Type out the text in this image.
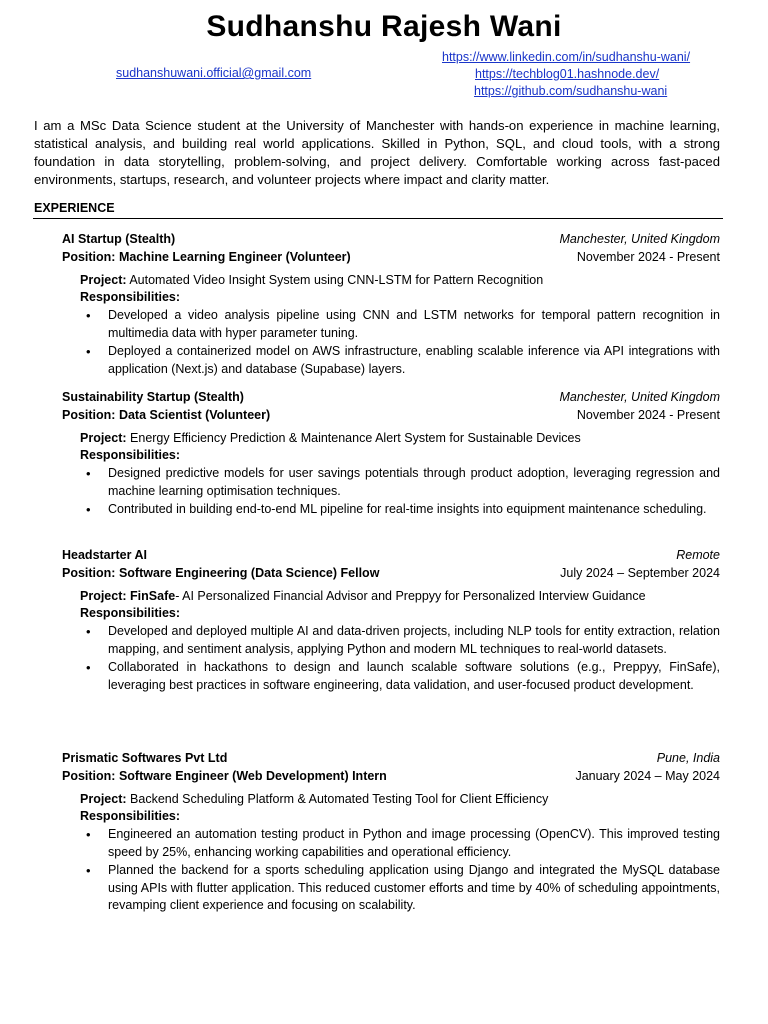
Sudhanshu Rajesh Wani
sudhanshuwani.official@gmail.com
https://www.linkedin.com/in/sudhanshu-wani/
https://techblog01.hashnode.dev/
https://github.com/sudhanshu-wani
I am a MSc Data Science student at the University of Manchester with hands-on experience in machine learning, statistical analysis, and building real world applications. Skilled in Python, SQL, and cloud tools, with a strong foundation in data storytelling, problem-solving, and project delivery. Comfortable working across fast-paced environments, startups, research, and volunteer projects where impact and clarity matter.
EXPERIENCE
AI Startup (Stealth)	Manchester, United Kingdom
Position: Machine Learning Engineer (Volunteer)	November 2024 - Present
Project: Automated Video Insight System using CNN-LSTM for Pattern Recognition
Responsibilities:
• Developed a video analysis pipeline using CNN and LSTM networks for temporal pattern recognition in multimedia data with hyper parameter tuning.
• Deployed a containerized model on AWS infrastructure, enabling scalable inference via API integrations with application (Next.js) and database (Supabase) layers.
Sustainability Startup (Stealth)	Manchester, United Kingdom
Position: Data Scientist (Volunteer)	November 2024 - Present
Project: Energy Efficiency Prediction & Maintenance Alert System for Sustainable Devices
Responsibilities:
• Designed predictive models for user savings potentials through product adoption, leveraging regression and machine learning optimisation techniques.
• Contributed in building end-to-end ML pipeline for real-time insights into equipment maintenance scheduling.
Headstarter AI	Remote
Position: Software Engineering (Data Science) Fellow	July 2024 – September 2024
Project: FinSafe- AI Personalized Financial Advisor and Preppyy for Personalized Interview Guidance
Responsibilities:
• Developed and deployed multiple AI and data-driven projects, including NLP tools for entity extraction, relation mapping, and sentiment analysis, applying Python and modern ML techniques to real-world datasets.
• Collaborated in hackathons to design and launch scalable software solutions (e.g., Preppyy, FinSafe), leveraging best practices in software engineering, data validation, and user-focused product development.
Prismatic Softwares Pvt Ltd	Pune, India
Position: Software Engineer (Web Development) Intern	January 2024 – May 2024
Project: Backend Scheduling Platform & Automated Testing Tool for Client Efficiency
Responsibilities:
• Engineered an automation testing product in Python and image processing (OpenCV). This improved testing speed by 25%, enhancing working capabilities and operational efficiency.
• Planned the backend for a sports scheduling application using Django and integrated the MySQL database using APIs with flutter application. This reduced customer efforts and time by 40% of scheduling appointments, revamping client experience and focusing on scalability.
